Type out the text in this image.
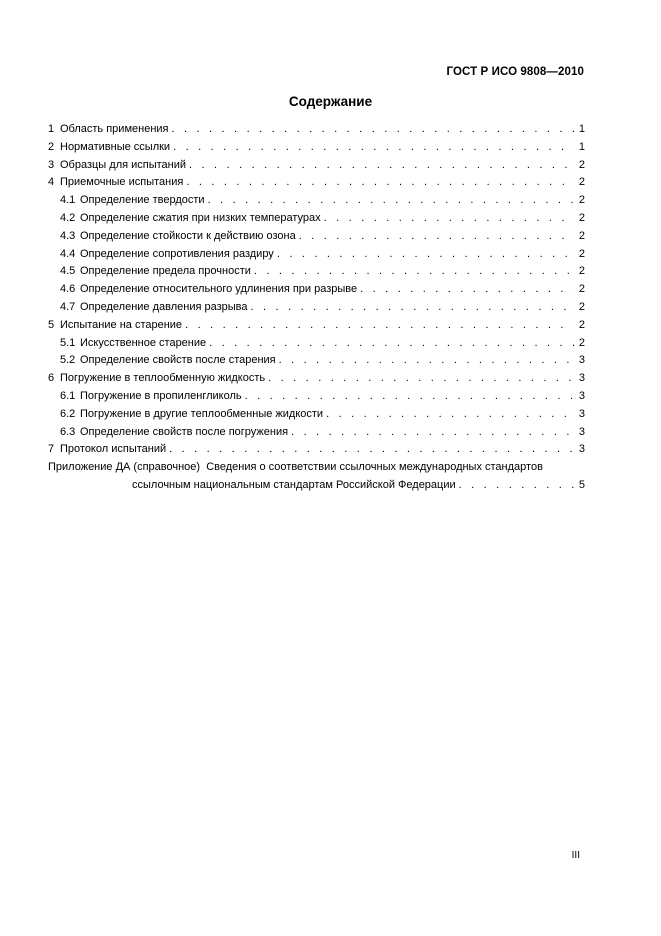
ГОСТ Р ИСО 9808—2010
Содержание
1 Область применения . . .	1
2 Нормативные ссылки . . .	1
3 Образцы для испытаний . . .	2
4 Приемочные испытания . . .	2
4.1 Определение твердости . . .	2
4.2 Определение сжатия при низких температурах . . .	2
4.3 Определение стойкости к действию озона . . .	2
4.4 Определение сопротивления раздиру . . .	2
4.5 Определение предела прочности . . .	2
4.6 Определение относительного удлинения при разрыве . . .	2
4.7 Определение давления разрыва . . .	2
5 Испытание на старение . . .	2
5.1 Искусственное старение . . .	2
5.2 Определение свойств после старения . . .	3
6 Погружение в теплообменную жидкость . . .	3
6.1 Погружение в пропиленгликоль . . .	3
6.2 Погружение в другие теплообменные жидкости . . .	3
6.3 Определение свойств после погружения . . .	3
7 Протокол испытаний . . .	3
Приложение ДА (справочное) Сведения о соответствии ссылочных международных стандартов
ссылочным национальным стандартам Российской Федерации . . .	5
III
